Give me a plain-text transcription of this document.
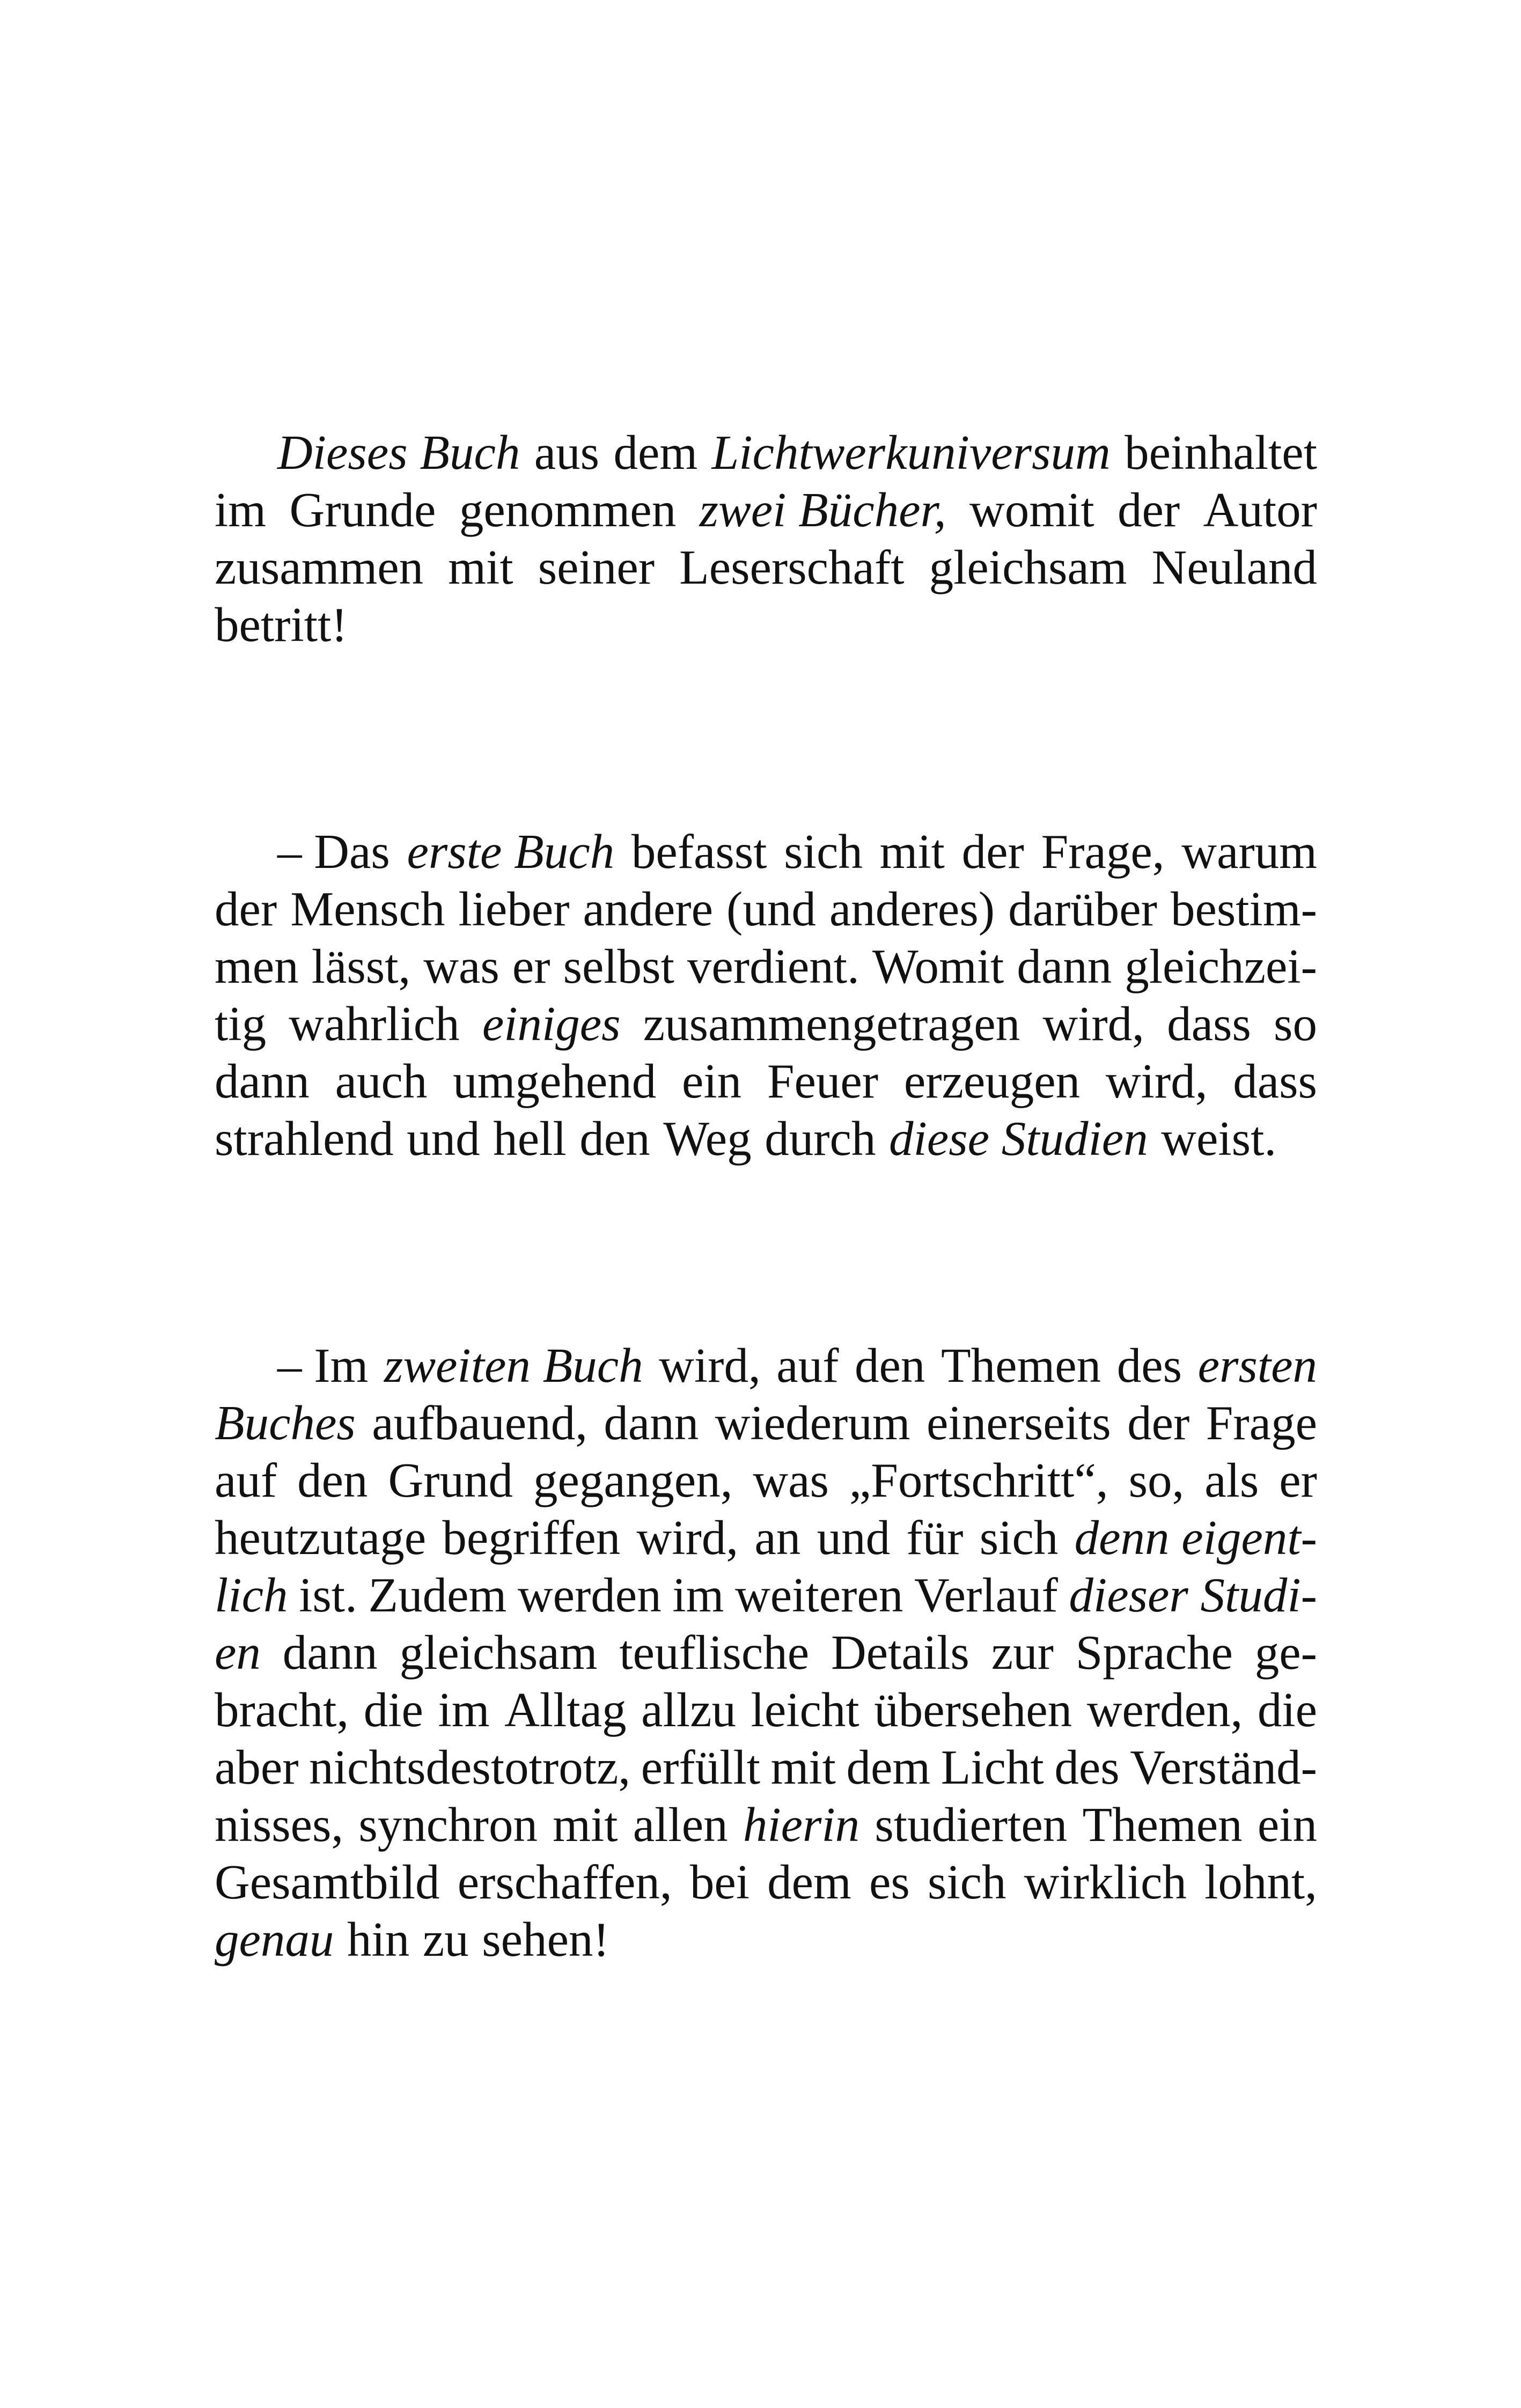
Dieses Buch aus dem Lichtwerkuniversum beinhaltet
im Grunde genommen zwei Bücher, womit der Autor
zusammen mit seiner Leserschaft gleichsam Neuland
betritt!
– Das erste Buch befasst sich mit der Frage, warum
der Mensch lieber andere (und anderes) darüber bestim-
men lässt, was er selbst verdient. Womit dann gleichzei-
tig wahrlich einiges zusammengetragen wird, dass so
dann auch umgehend ein Feuer erzeugen wird, dass
strahlend und hell den Weg durch diese Studien weist.
– Im zweiten Buch wird, auf den Themen des ersten
Buches aufbauend, dann wiederum einerseits der Frage
auf den Grund gegangen, was „Fortschritt“, so, als er
heutzutage begriffen wird, an und für sich denn eigent-
lich ist. Zudem werden im weiteren Verlauf dieser Studi-
en dann gleichsam teuflische Details zur Sprache ge-
bracht, die im Alltag allzu leicht übersehen werden, die
aber nichtsdestotrotz, erfüllt mit dem Licht des Verständ-
nisses, synchron mit allen hierin studierten Themen ein
Gesamtbild erschaffen, bei dem es sich wirklich lohnt,
genau hin zu sehen!
